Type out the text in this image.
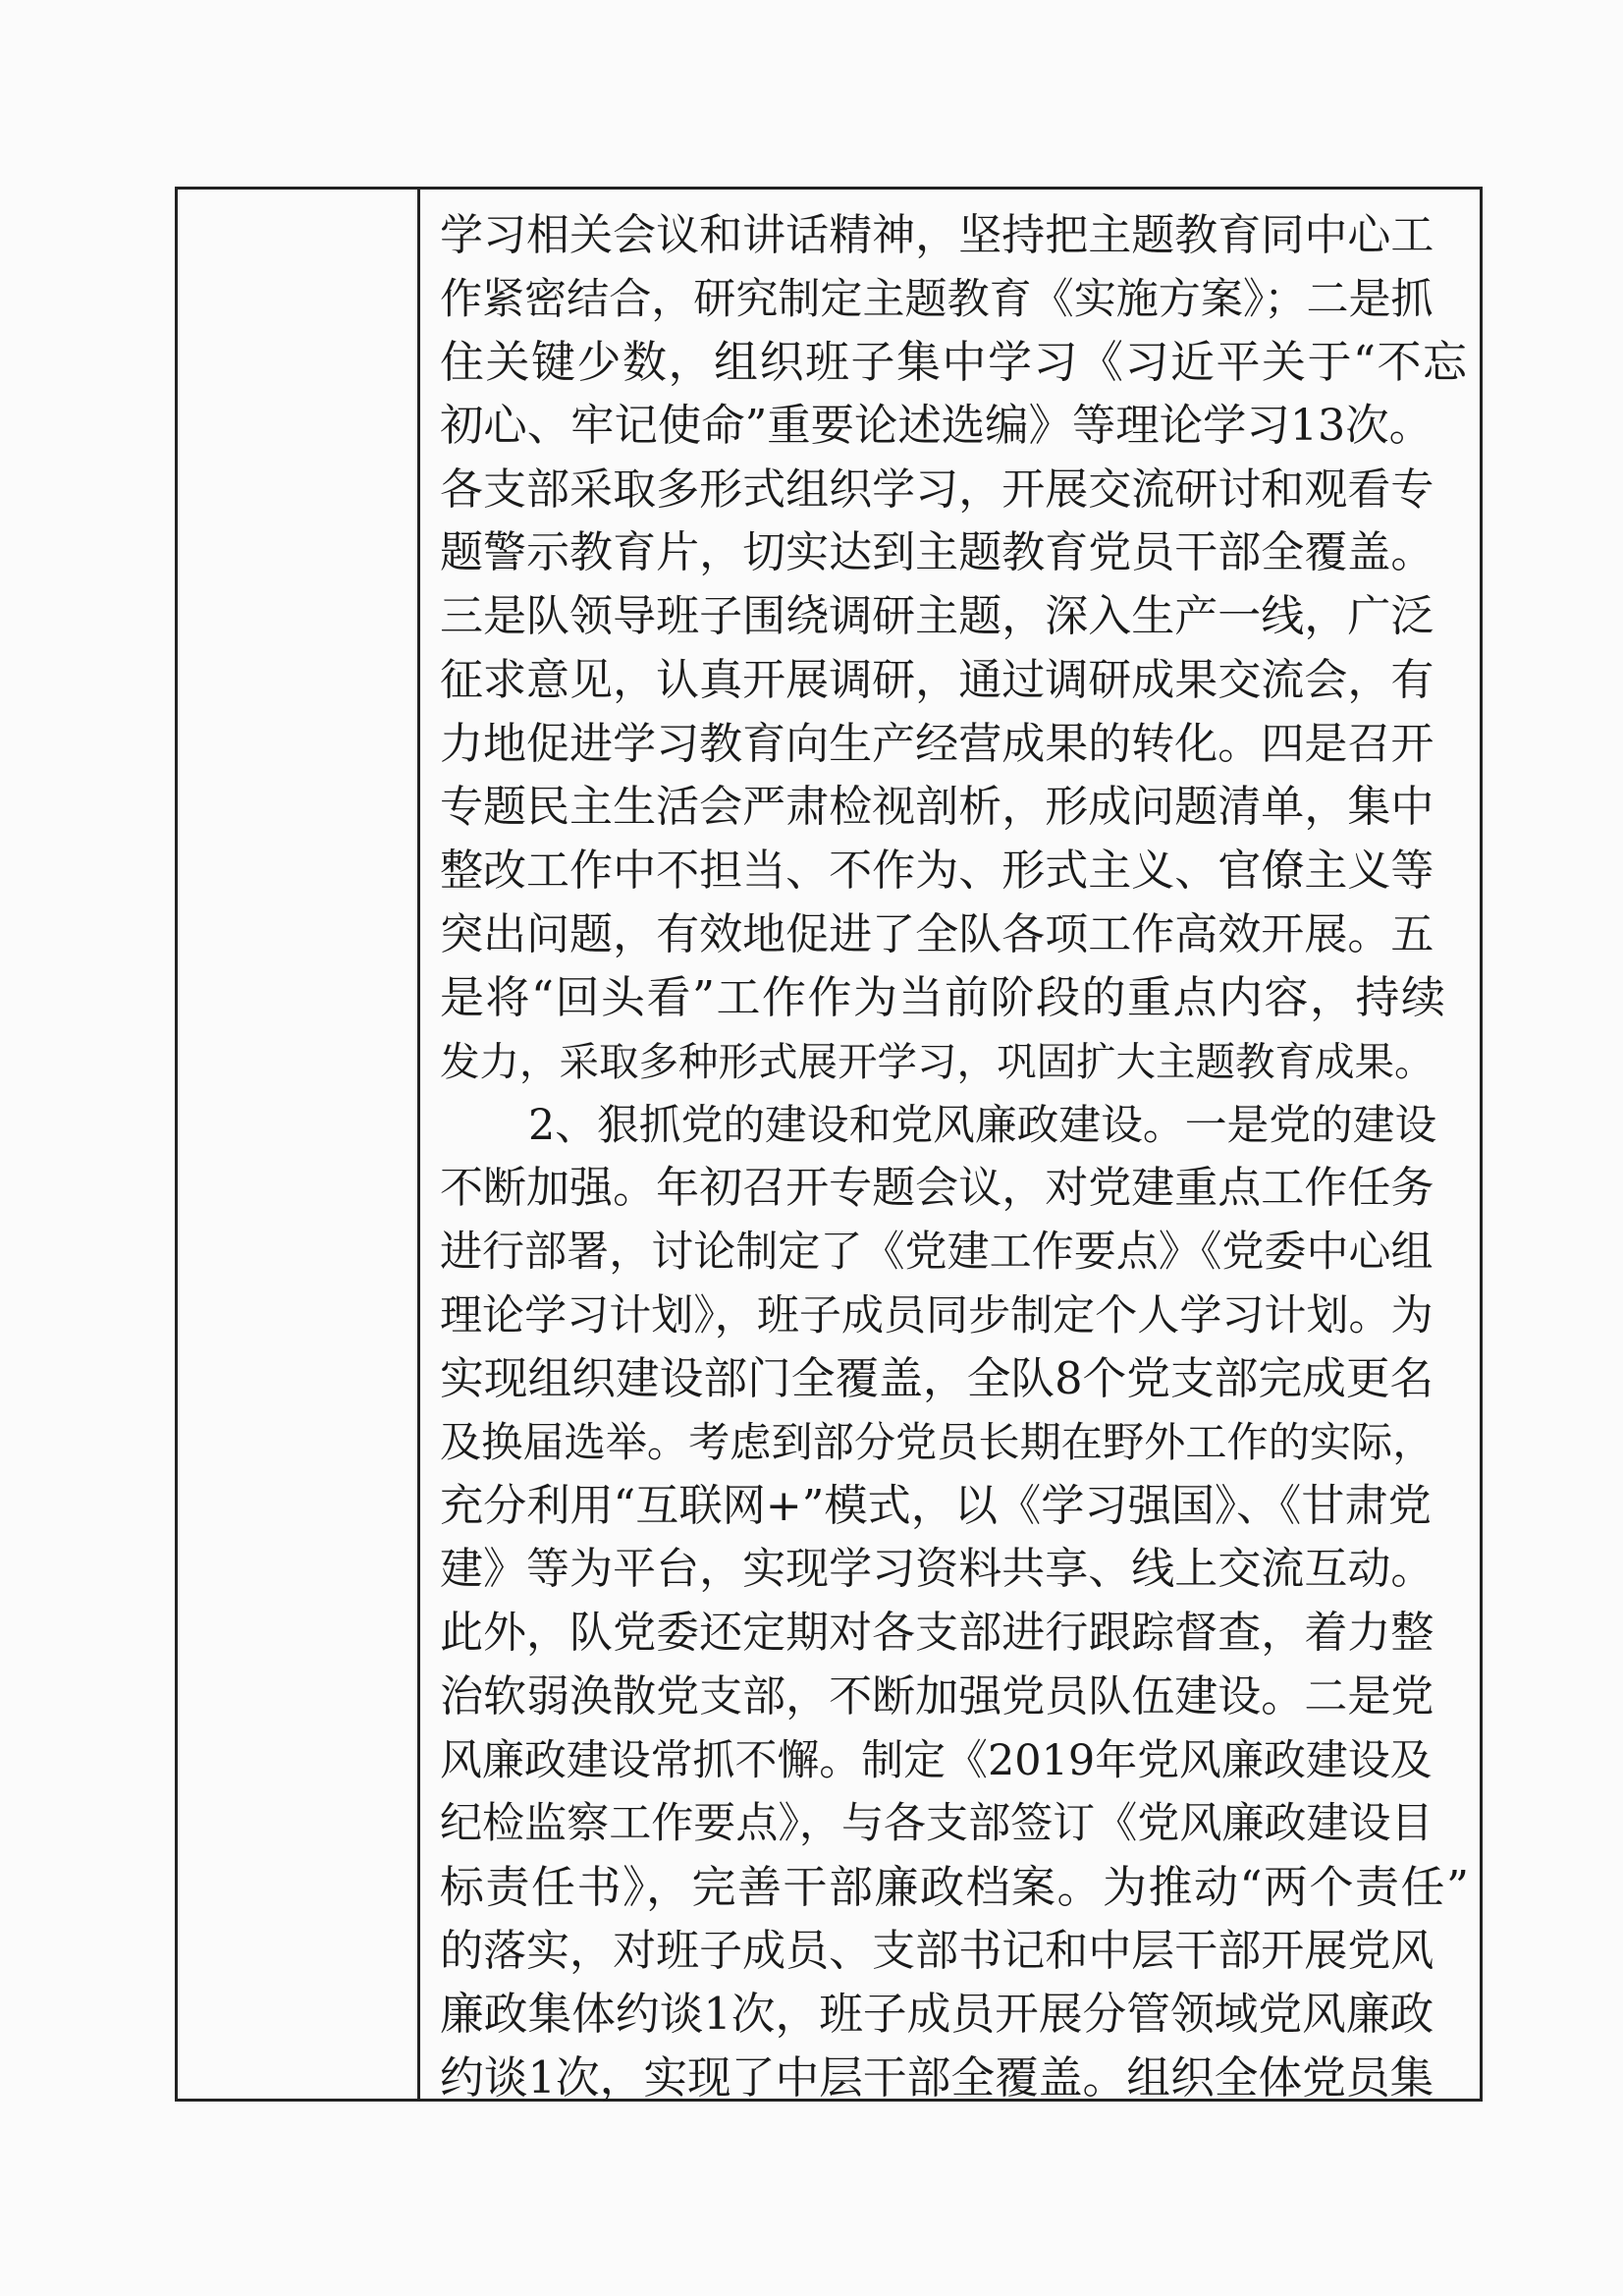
学习相关会议和讲话精神，坚持把主题教育同中心工
作紧密结合，研究制定主题教育《实施方案》；二是抓
住关键少数，组织班子集中学习《习近平关于“不忘
初心、牢记使命”重要论述选编》等理论学习13次。
各支部采取多形式组织学习，开展交流研讨和观看专
题警示教育片，切实达到主题教育党员干部全覆盖。
三是队领导班子围绕调研主题，深入生产一线，广泛
征求意见，认真开展调研，通过调研成果交流会，有
力地促进学习教育向生产经营成果的转化。四是召开
专题民主生活会严肃检视剖析，形成问题清单，集中
整改工作中不担当、不作为、形式主义、官僚主义等
突出问题，有效地促进了全队各项工作高效开展。五
是将“回头看”工作作为当前阶段的重点内容，持续
发力，采取多种形式展开学习，巩固扩大主题教育成果。
2、狠抓党的建设和党风廉政建设。一是党的建设
不断加强。年初召开专题会议，对党建重点工作任务
进行部署，讨论制定了《党建工作要点》《党委中心组
理论学习计划》，班子成员同步制定个人学习计划。为
实现组织建设部门全覆盖，全队8个党支部完成更名
及换届选举。考虑到部分党员长期在野外工作的实际，
充分利用“互联网+”模式，以《学习强国》、《甘肃党
建》等为平台，实现学习资料共享、线上交流互动。
此外，队党委还定期对各支部进行跟踪督查，着力整
治软弱涣散党支部，不断加强党员队伍建设。二是党
风廉政建设常抓不懈。制定《2019年党风廉政建设及
纪检监察工作要点》，与各支部签订《党风廉政建设目
标责任书》，完善干部廉政档案。为推动“两个责任”
的落实，对班子成员、支部书记和中层干部开展党风
廉政集体约谈1次，班子成员开展分管领域党风廉政
约谈1次，实现了中层干部全覆盖。组织全体党员集
